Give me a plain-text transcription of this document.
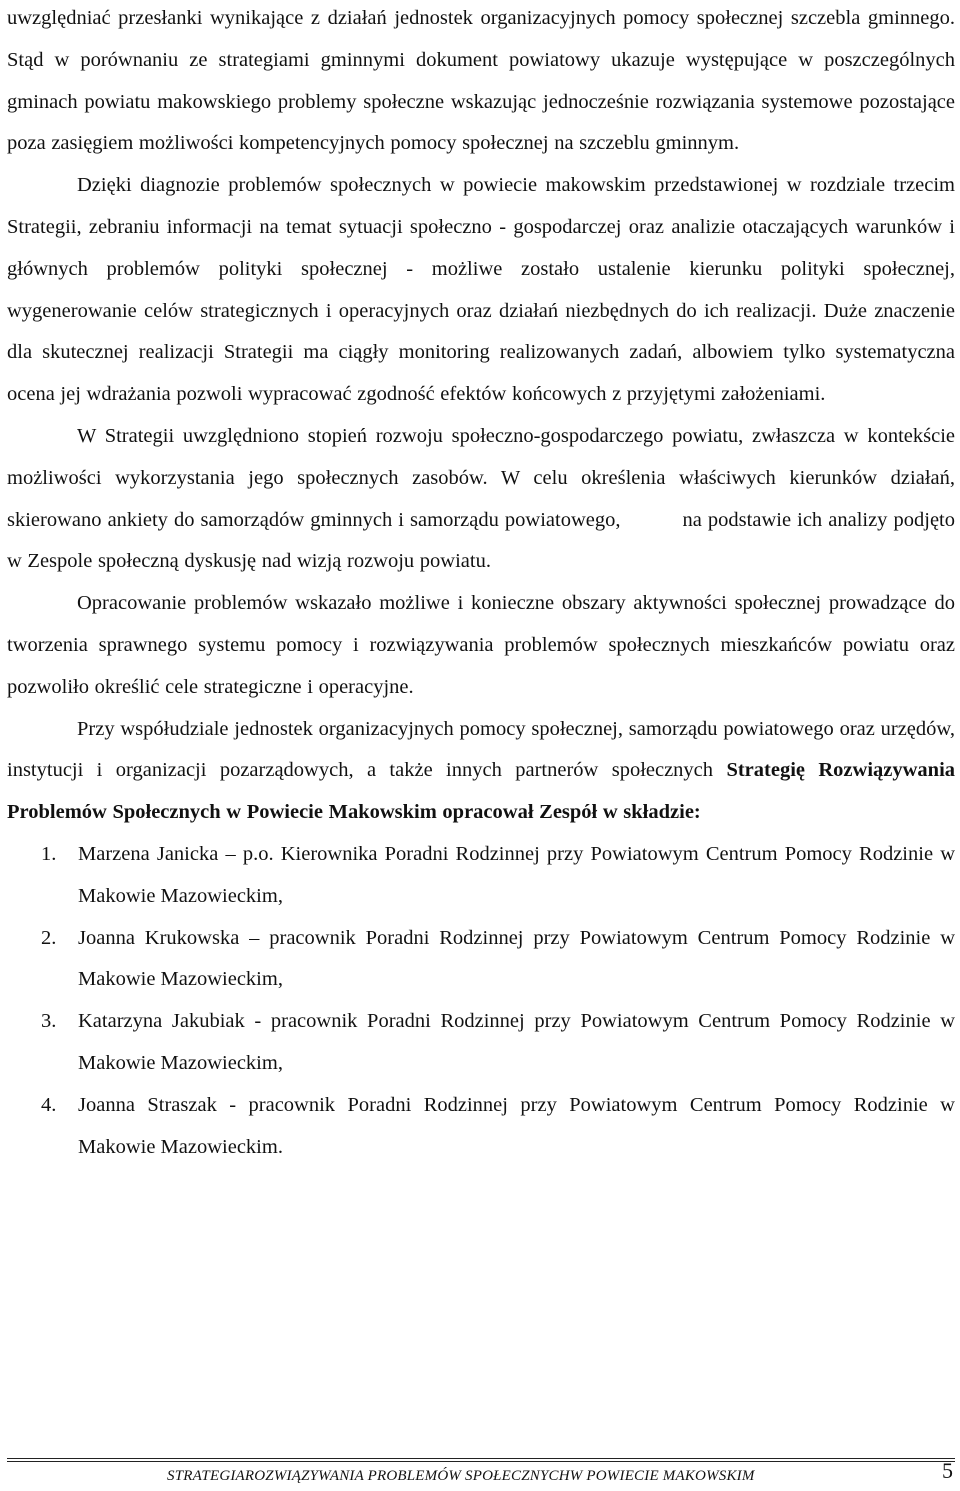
uwzględniać przesłanki wynikające z działań jednostek organizacyjnych pomocy społecznej szczebla gminnego. Stąd w porównaniu ze strategiami gminnymi dokument powiatowy ukazuje występujące w poszczególnych gminach powiatu makowskiego problemy społeczne wskazując jednocześnie rozwiązania systemowe pozostające poza zasięgiem możliwości kompetencyjnych pomocy społecznej na szczeblu gminnym.

Dzięki diagnozie problemów społecznych w powiecie makowskim przedstawionej w rozdziale trzecim Strategii, zebraniu informacji na temat sytuacji społeczno - gospodarczej oraz analizie otaczających warunków i głównych problemów polityki społecznej - możliwe zostało ustalenie kierunku polityki społecznej, wygenerowanie celów strategicznych i operacyjnych oraz działań niezbędnych do ich realizacji. Duże znaczenie dla skutecznej realizacji Strategii ma ciągły monitoring realizowanych zadań, albowiem tylko systematyczna ocena jej wdrażania pozwoli wypracować zgodność efektów końcowych z przyjętymi założeniami.

W Strategii uwzględniono stopień rozwoju społeczno-gospodarczego powiatu, zwłaszcza w kontekście możliwości wykorzystania jego społecznych zasobów. W celu określenia właściwych kierunków działań, skierowano ankiety do samorządów gminnych i samorządu powiatowego,	na podstawie ich analizy podjęto w Zespole społeczną dyskusję nad wizją rozwoju powiatu.

Opracowanie problemów wskazało możliwe i konieczne obszary aktywności społecznej prowadzące do tworzenia sprawnego systemu pomocy i rozwiązywania problemów społecznych mieszkańców powiatu oraz pozwoliło określić cele strategiczne i operacyjne.

Przy współudziale jednostek organizacyjnych pomocy społecznej, samorządu powiatowego oraz urzędów, instytucji i organizacji pozarządowych, a także innych partnerów społecznych Strategię Rozwiązywania Problemów Społecznych w Powiecie Makowskim opracował Zespół w składzie:

1. Marzena Janicka – p.o. Kierownika Poradni Rodzinnej przy Powiatowym Centrum Pomocy Rodzinie w Makowie Mazowieckim,
2. Joanna Krukowska – pracownik Poradni Rodzinnej przy Powiatowym Centrum Pomocy Rodzinie w Makowie Mazowieckim,
3. Katarzyna Jakubiak - pracownik Poradni Rodzinnej przy Powiatowym Centrum Pomocy Rodzinie w Makowie Mazowieckim,
4. Joanna Straszak - pracownik Poradni Rodzinnej przy Powiatowym Centrum Pomocy Rodzinie w Makowie Mazowieckim.
STRATEGIAROZWIĄZYWANIA PROBLEMÓW SPOŁECZNYCHW POWIECIE MAKOWSKIM	5
